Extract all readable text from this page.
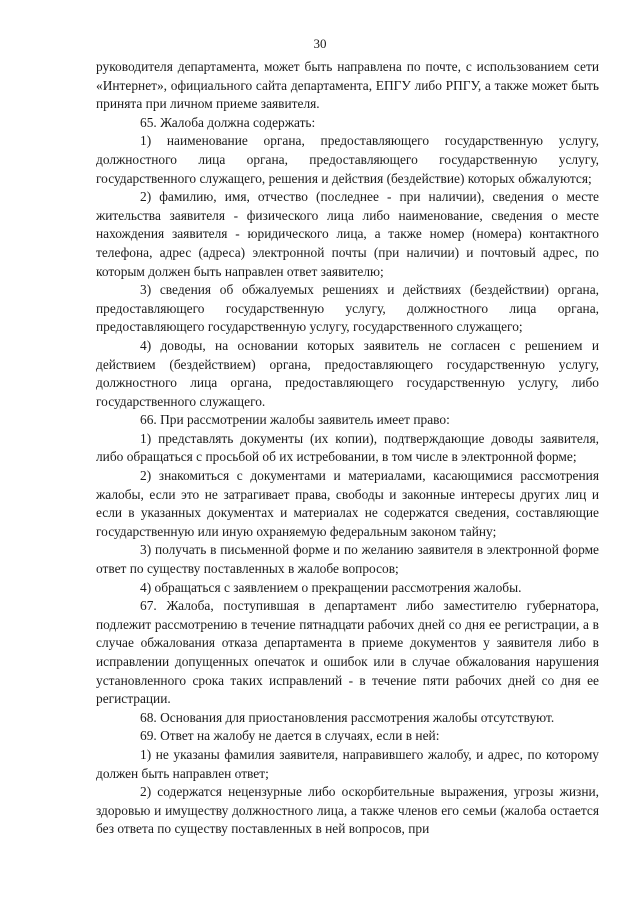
30

руководителя департамента, может быть направлена по почте, с использованием сети «Интернет», официального сайта департамента, ЕПГУ либо РПГУ, а также может быть принята при личном приеме заявителя.

65. Жалоба должна содержать:

1) наименование органа, предоставляющего государственную услугу, должностного лица органа, предоставляющего государственную услугу, государственного служащего, решения и действия (бездействие) которых обжалуются;

2) фамилию, имя, отчество (последнее - при наличии), сведения о месте жительства заявителя - физического лица либо наименование, сведения о месте нахождения заявителя - юридического лица, а также номер (номера) контактного телефона, адрес (адреса) электронной почты (при наличии) и почтовый адрес, по которым должен быть направлен ответ заявителю;

3) сведения об обжалуемых решениях и действиях (бездействии) органа, предоставляющего государственную услугу, должностного лица органа, предоставляющего государственную услугу, государственного служащего;

4) доводы, на основании которых заявитель не согласен с решением и действием (бездействием) органа, предоставляющего государственную услугу, должностного лица органа, предоставляющего государственную услугу, либо государственного служащего.

66. При рассмотрении жалобы заявитель имеет право:

1) представлять документы (их копии), подтверждающие доводы заявителя, либо обращаться с просьбой об их истребовании, в том числе в электронной форме;

2) знакомиться с документами и материалами, касающимися рассмотрения жалобы, если это не затрагивает права, свободы и законные интересы других лиц и если в указанных документах и материалах не содержатся сведения, составляющие государственную или иную охраняемую федеральным законом тайну;

3) получать в письменной форме и по желанию заявителя в электронной форме ответ по существу поставленных в жалобе вопросов;

4) обращаться с заявлением о прекращении рассмотрения жалобы.

67. Жалоба, поступившая в департамент либо заместителю губернатора, подлежит рассмотрению в течение пятнадцати рабочих дней со дня ее регистрации, а в случае обжалования отказа департамента в приеме документов у заявителя либо в исправлении допущенных опечаток и ошибок или в случае обжалования нарушения установленного срока таких исправлений - в течение пяти рабочих дней со дня ее регистрации.

68. Основания для приостановления рассмотрения жалобы отсутствуют.

69. Ответ на жалобу не дается в случаях, если в ней:

1) не указаны фамилия заявителя, направившего жалобу, и адрес, по которому должен быть направлен ответ;

2) содержатся нецензурные либо оскорбительные выражения, угрозы жизни, здоровью и имуществу должностного лица, а также членов его семьи (жалоба остается без ответа по существу поставленных в ней вопросов, при
